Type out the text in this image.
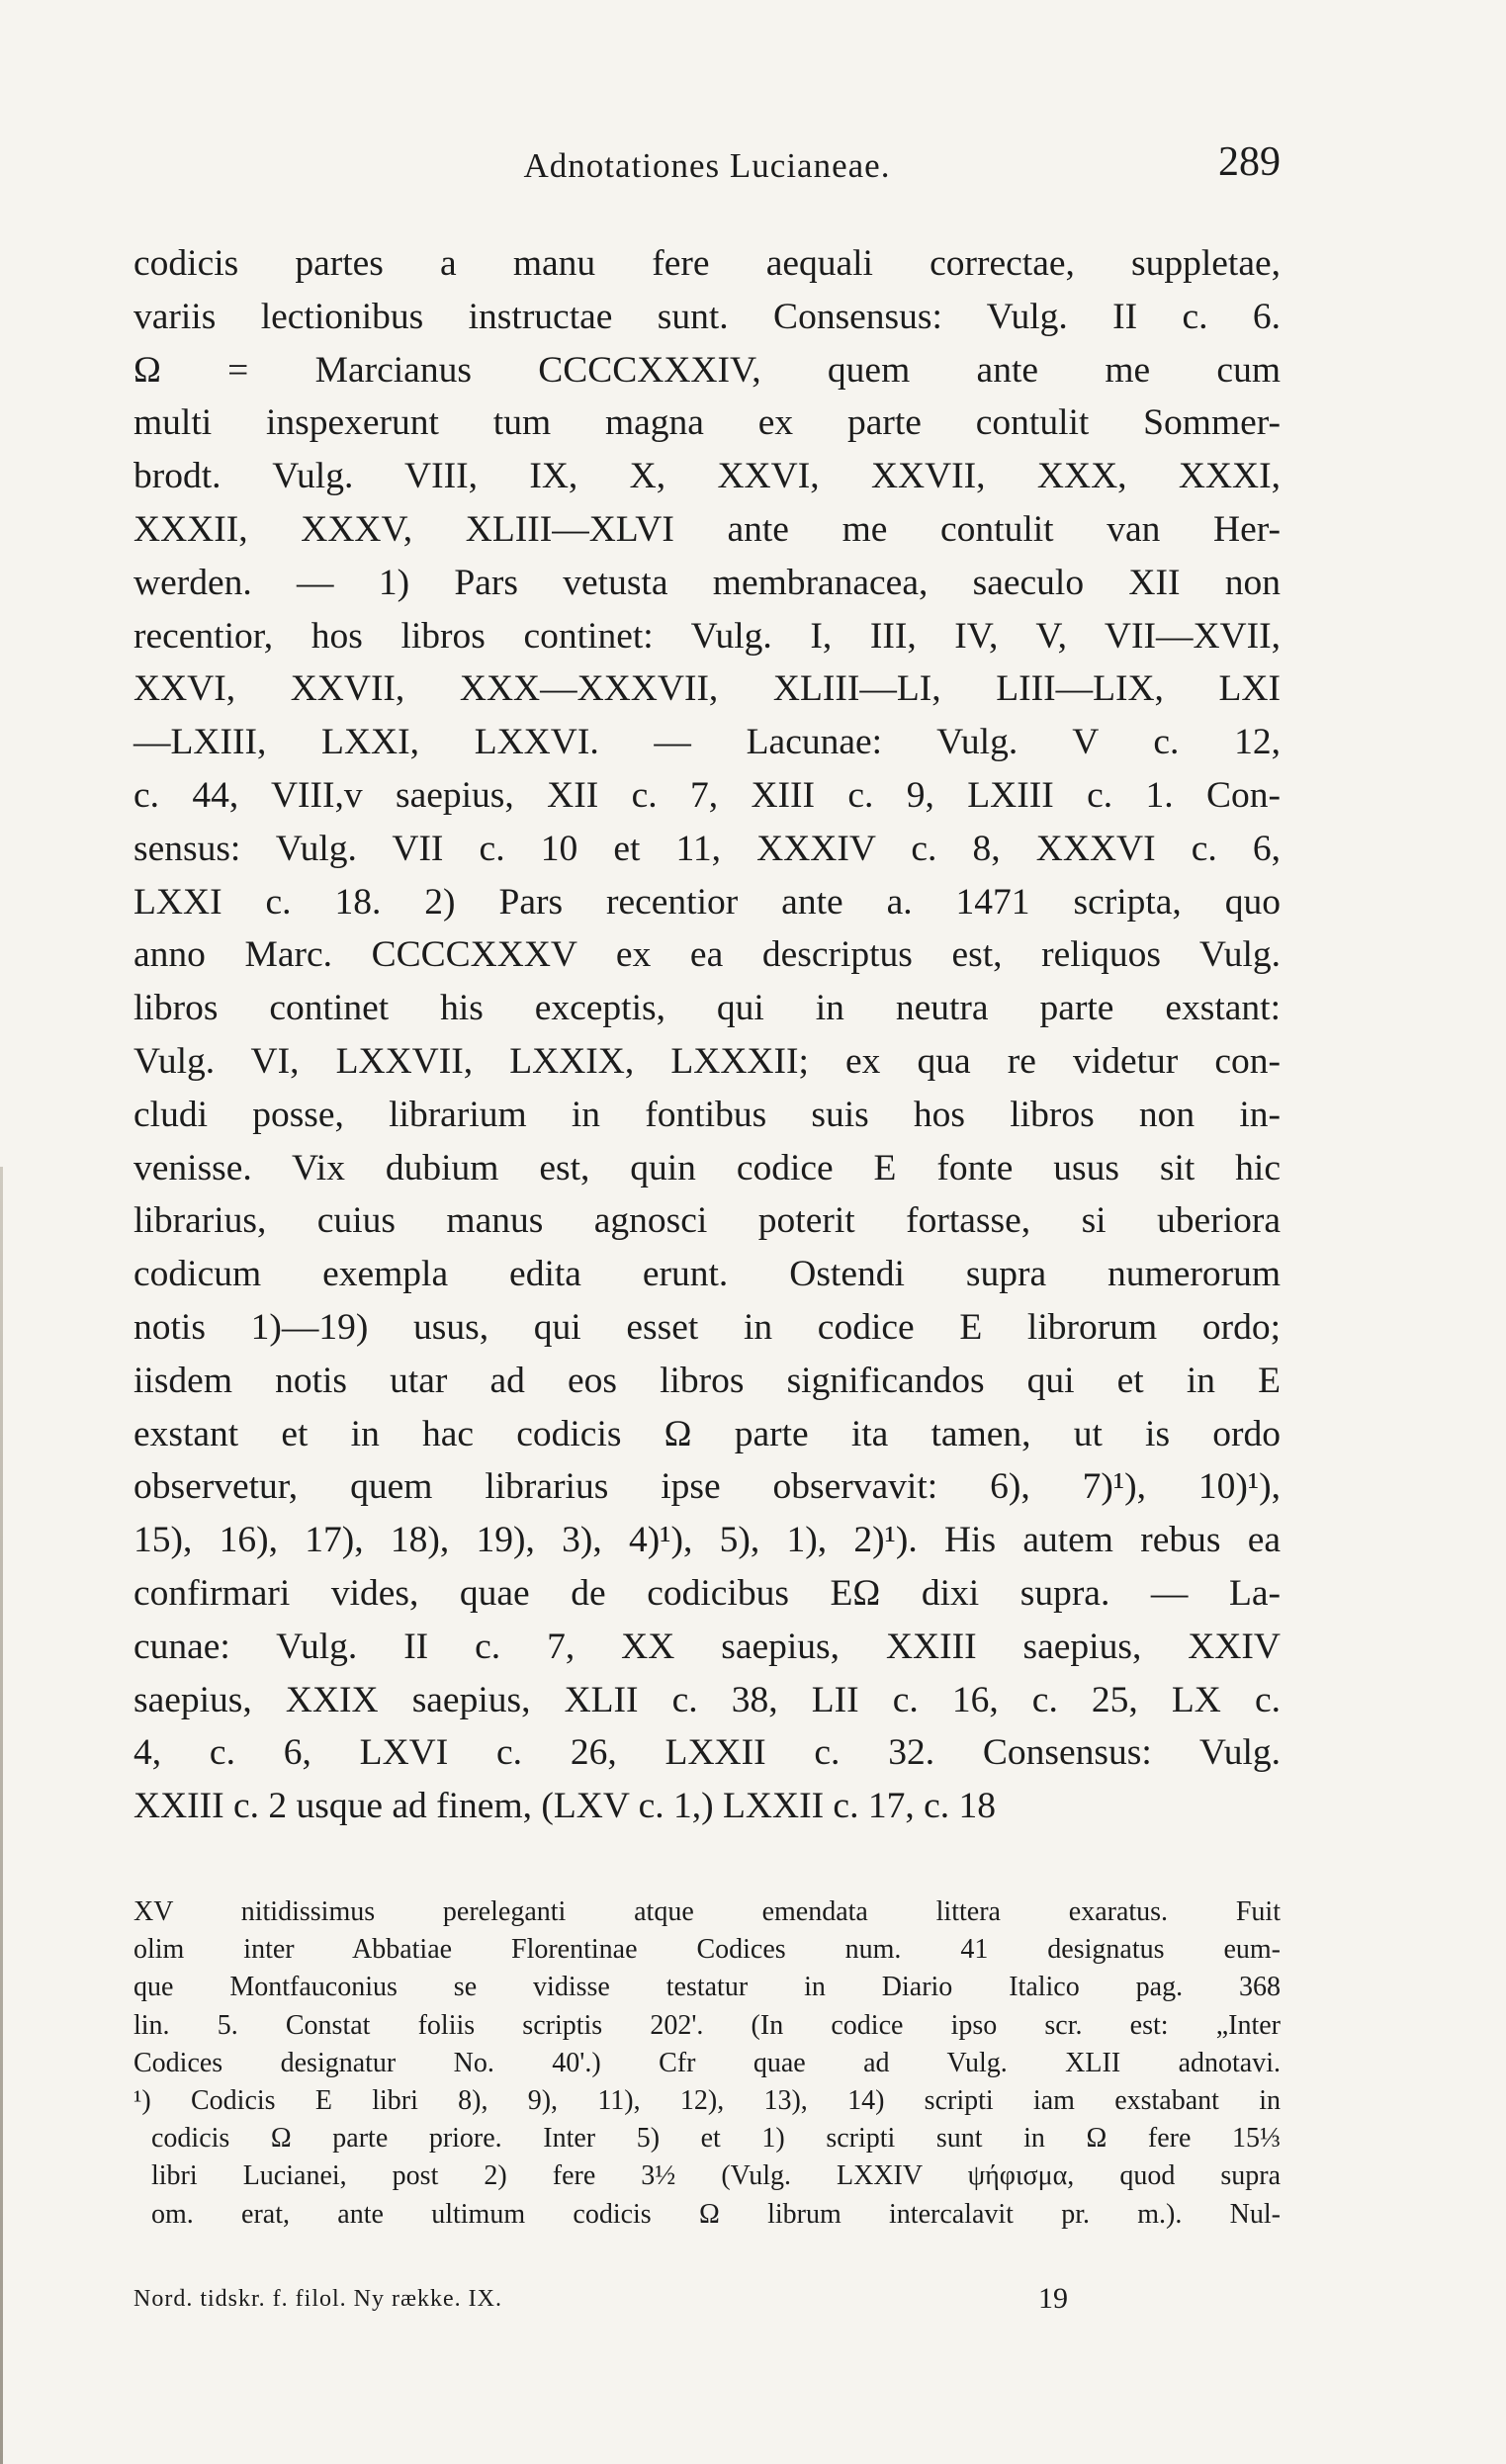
Adnotationes Lucianeae.	289
codicis partes a manu fere aequali correctae, suppletae,
variis lectionibus instructae sunt. Consensus: Vulg. II c. 6.
Ω = Marcianus CCCCXXXIV, quem ante me cum
multi inspexerunt tum magna ex parte contulit Sommer-
brodt. Vulg. VIII, IX, X, XXVI, XXVII, XXX, XXXI,
XXXII, XXXV, XLIII—XLVI ante me contulit van Her-
werden. — 1) Pars vetusta membranacea, saeculo XII non
recentior, hos libros continet: Vulg. I, III, IV, V, VII—XVII,
XXVI, XXVII, XXX—XXXVII, XLIII—LI, LIII—LIX, LXI
—LXIII, LXXI, LXXVI. — Lacunae: Vulg. V c. 12,
c. 44, VIII,v saepius, XII c. 7, XIII c. 9, LXIII c. 1. Con-
sensus: Vulg. VII c. 10 et 11, XXXIV c. 8, XXXVI c. 6,
LXXI c. 18. 2) Pars recentior ante a. 1471 scripta, quo
anno Marc. CCCCXXXV ex ea descriptus est, reliquos Vulg.
libros continet his exceptis, qui in neutra parte exstant:
Vulg. VI, LXXVII, LXXIX, LXXXII; ex qua re videtur con-
cludi posse, librarium in fontibus suis hos libros non in-
venisse. Vix dubium est, quin codice E fonte usus sit hic
librarius, cuius manus agnosci poterit fortasse, si uberiora
codicum exempla edita erunt. Ostendi supra numerorum
notis 1)—19) usus, qui esset in codice E librorum ordo;
iisdem notis utar ad eos libros significandos qui et in E
exstant et in hac codicis Ω parte ita tamen, ut is ordo
observetur, quem librarius ipse observavit: 6), 7)¹), 10)¹),
15), 16), 17), 18), 19), 3), 4)¹), 5), 1), 2)¹). His autem rebus ea
confirmari vides, quae de codicibus EΩ dixi supra. — La-
cunae: Vulg. II c. 7, XX saepius, XXIII saepius, XXIV
saepius, XXIX saepius, XLII c. 38, LII c. 16, c. 25, LX c.
4, c. 6, LXVI c. 26, LXXII c. 32. Consensus: Vulg.
XXIII c. 2 usque ad finem, (LXV c. 1,) LXXII c. 17, c. 18
XV nitidissimus perelegantі atque emendata littera exaratus. Fuit
olim inter Abbatiae Florentinae Codices num. 41 designatus eum-
que Montfauconius se vidisse testatur in Diario Italico pag. 368
lin. 5. Constat foliis scriptis 202'. (In codice ipso scr. est: „Inter
Codices designatur No. 40'.) Cfr quae ad Vulg. XLII adnotavi.
¹) Codicis E libri 8), 9), 11), 12), 13), 14) scripti iam exstabant in
codicis Ω parte priore. Inter 5) et 1) scripti sunt in Ω fere 15⅓
libri Lucianei, post 2) fere 3½ (Vulg. LXXIV ψήφισμα, quod supra
om. erat, ante ultimum codicis Ω librum intercalavit pr. m.). Nul-
Nord. tidskr. f. filol. Ny række. IX.	19
